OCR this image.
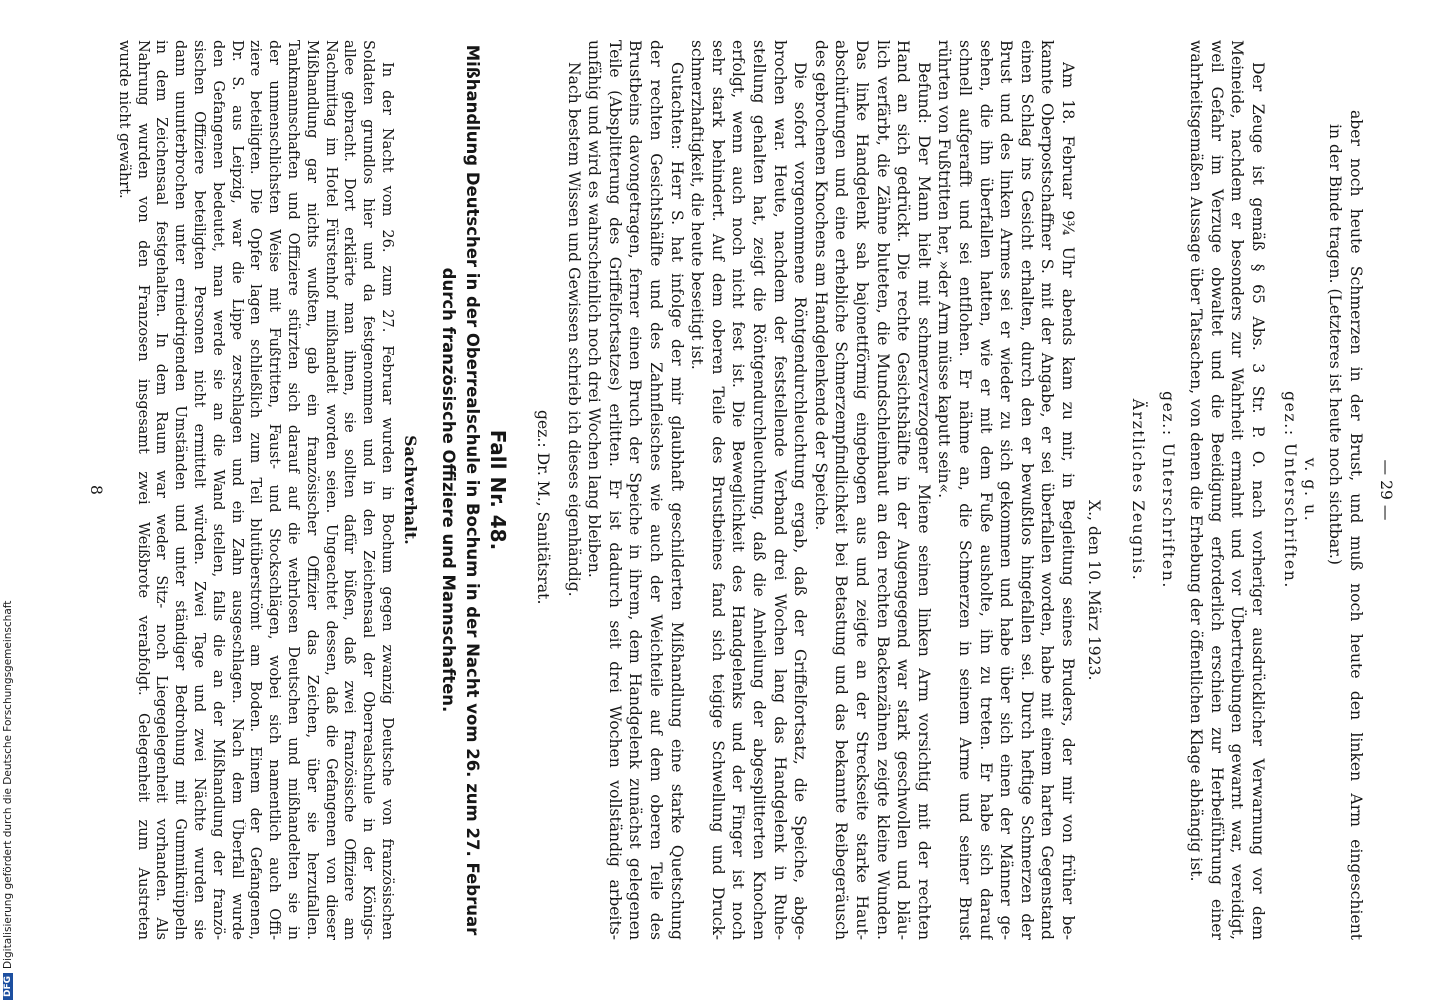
— 29 —
aber noch heute Schmerzen in der Brust, und muß noch heute den linken Arm eingeschient
in der Binde tragen. (Letzteres ist heute noch sichtbar.)
v. g. u.
gez.: Unterschriften.
Der Zeuge ist gemäß § 65 Abs. 3 Str. P. O. nach vorheriger ausdrücklicher Verwarnung vor dem
Meineide, nachdem er besonders zur Wahrheit ermahnt und vor Übertreibungen gewarnt war, vereidigt,
weil Gefahr im Verzuge obwaltet und die Beeidigung erforderlich erschien zur Herbeiführung einer
wahrheitsgemäßen Aussage über Tatsachen, von denen die Erhebung der öffentlichen Klage abhängig ist.
gez.: Unterschriften.
Ärztliches Zeugnis.
X., den 10. März 1923.
Am 18. Februar 9¾ Uhr abends kam zu mir, in Begleitung seines Bruders, der mir von früher be-
kannte Oberpostschaffner S. mit der Angabe, er sei überfallen worden, habe mit einem harten Gegenstand
einen Schlag ins Gesicht erhalten, durch den er bewußtlos hingefallen sei. Durch heftige Schmerzen der
Brust und des linken Armes sei er wieder zu sich gekommen und habe über sich einen der Männer ge-
sehen, die ihn überfallen hatten, wie er mit dem Fuße ausholte, ihn zu treten. Er habe sich darauf
schnell aufgerafft und sei entflohen. Er nähme an, die Schmerzen in seinem Arme und seiner Brust
rührten von Fußtritten her, »der Arm müsse kaputt sein«.
Befund: Der Mann hielt mit schmerzverzogener Miene seinen linken Arm vorsichtig mit der rechten
Hand an sich gedrückt. Die rechte Gesichtshälfte in der Augengegend war stark geschwollen und bläu-
lich verfärbt, die Zähne bluteten, die Mundschleimhaut an den rechten Backenzähnen zeigte kleine Wunden.
Das linke Handgelenk sah bajonettförmig eingebogen aus und zeigte an der Streckseite starke Haut-
abschürfungen und eine erhebliche Schmerzempfindlichkeit bei Betastung und das bekannte Reibegeräusch
des gebrochenen Knochens am Handgelenkende der Speiche.
Die sofort vorgenommene Röntgendurchleuchtung ergab, daß der Griffelfortsatz, die Speiche, abge-
brochen war. Heute, nachdem der feststellende Verband drei Wochen lang das Handgelenk in Ruhe-
stellung gehalten hat, zeigt die Röntgendurchleuchtung, daß die Anheilung der abgesplitterten Knochen
erfolgt, wenn auch noch nicht fest ist. Die Beweglichkeit des Handgelenks und der Finger ist noch
sehr stark behindert. Auf dem oberen Teile des Brustbeines fand sich teigige Schwellung und Druck-
schmerzhaftigkeit, die heute beseitigt ist.
Gutachten: Herr S. hat infolge der mir glaubhaft geschilderten Mißhandlung eine starke Quetschung
der rechten Gesichtshälfte und des Zahnfleisches wie auch der Weichteile auf dem oberen Teile des
Brustbeins davongetragen, ferner einen Bruch der Speiche in ihrem, dem Handgelenk zunächst gelegenen
Teile (Absplitterung des Griffelfortsatzes) erlitten. Er ist dadurch seit drei Wochen vollständig arbeits-
unfähig und wird es wahrscheinlich noch drei Wochen lang bleiben.
Nach bestem Wissen und Gewissen schrieb ich dieses eigenhändig.
gez.: Dr. M., Sanitätsrat.
Fall Nr. 48.
Mißhandlung Deutscher in der Oberrealschule in Bochum in der Nacht vom 26. zum 27. Februar
durch französische Offiziere und Mannschaften.
Sachverhalt.
In der Nacht vom 26. zum 27. Februar wurden in Bochum gegen zwanzig Deutsche von französischen
Soldaten grundlos hier und da festgenommen und in den Zeichensaal der Oberrealschule in der Königs-
allee gebracht. Dort erklärte man ihnen, sie sollten dafür büßen, daß zwei französische Offiziere am
Nachmittag im Hotel Fürstenhof mißhandelt worden seien. Ungeachtet dessen, daß die Gefangenen von dieser
Mißhandlung gar nichts wußten, gab ein französischer Offizier das Zeichen, über sie herzufallen.
Tankmannschaften und Offiziere stürzten sich darauf auf die wehrlosen Deutschen und mißhandelten sie in
der unmenschlichsten Weise mit Fußtritten, Faust- und Stockschlägen, wobei sich namentlich auch Offi-
ziere beteiligten. Die Opfer lagen schließlich zum Teil blutüberströmt am Boden. Einem der Gefangenen,
Dr. S. aus Leipzig, war die Lippe zerschlagen und ein Zahn ausgeschlagen. Nach dem Überfall wurde
den Gefangenen bedeutet, man werde sie an die Wand stellen, falls die an der Mißhandlung der franzö-
sischen Offiziere beteiligten Personen nicht ermittelt würden. Zwei Tage und zwei Nächte wurden sie
dann ununterbrochen unter erniedrigenden Umständen und unter ständiger Bedrohung mit Gummiknüppeln
in dem Zeichensaal festgehalten. In dem Raum war weder Sitz- noch Liegegelegenheit vorhanden. Als
Nahrung wurden von den Franzosen insgesamt zwei Weißbrote verabfolgt. Gelegenheit zum Austreten
wurde nicht gewährt.
8
DFGDigitalisierung gefördert durch die Deutsche Forschungsgemeinschaft
